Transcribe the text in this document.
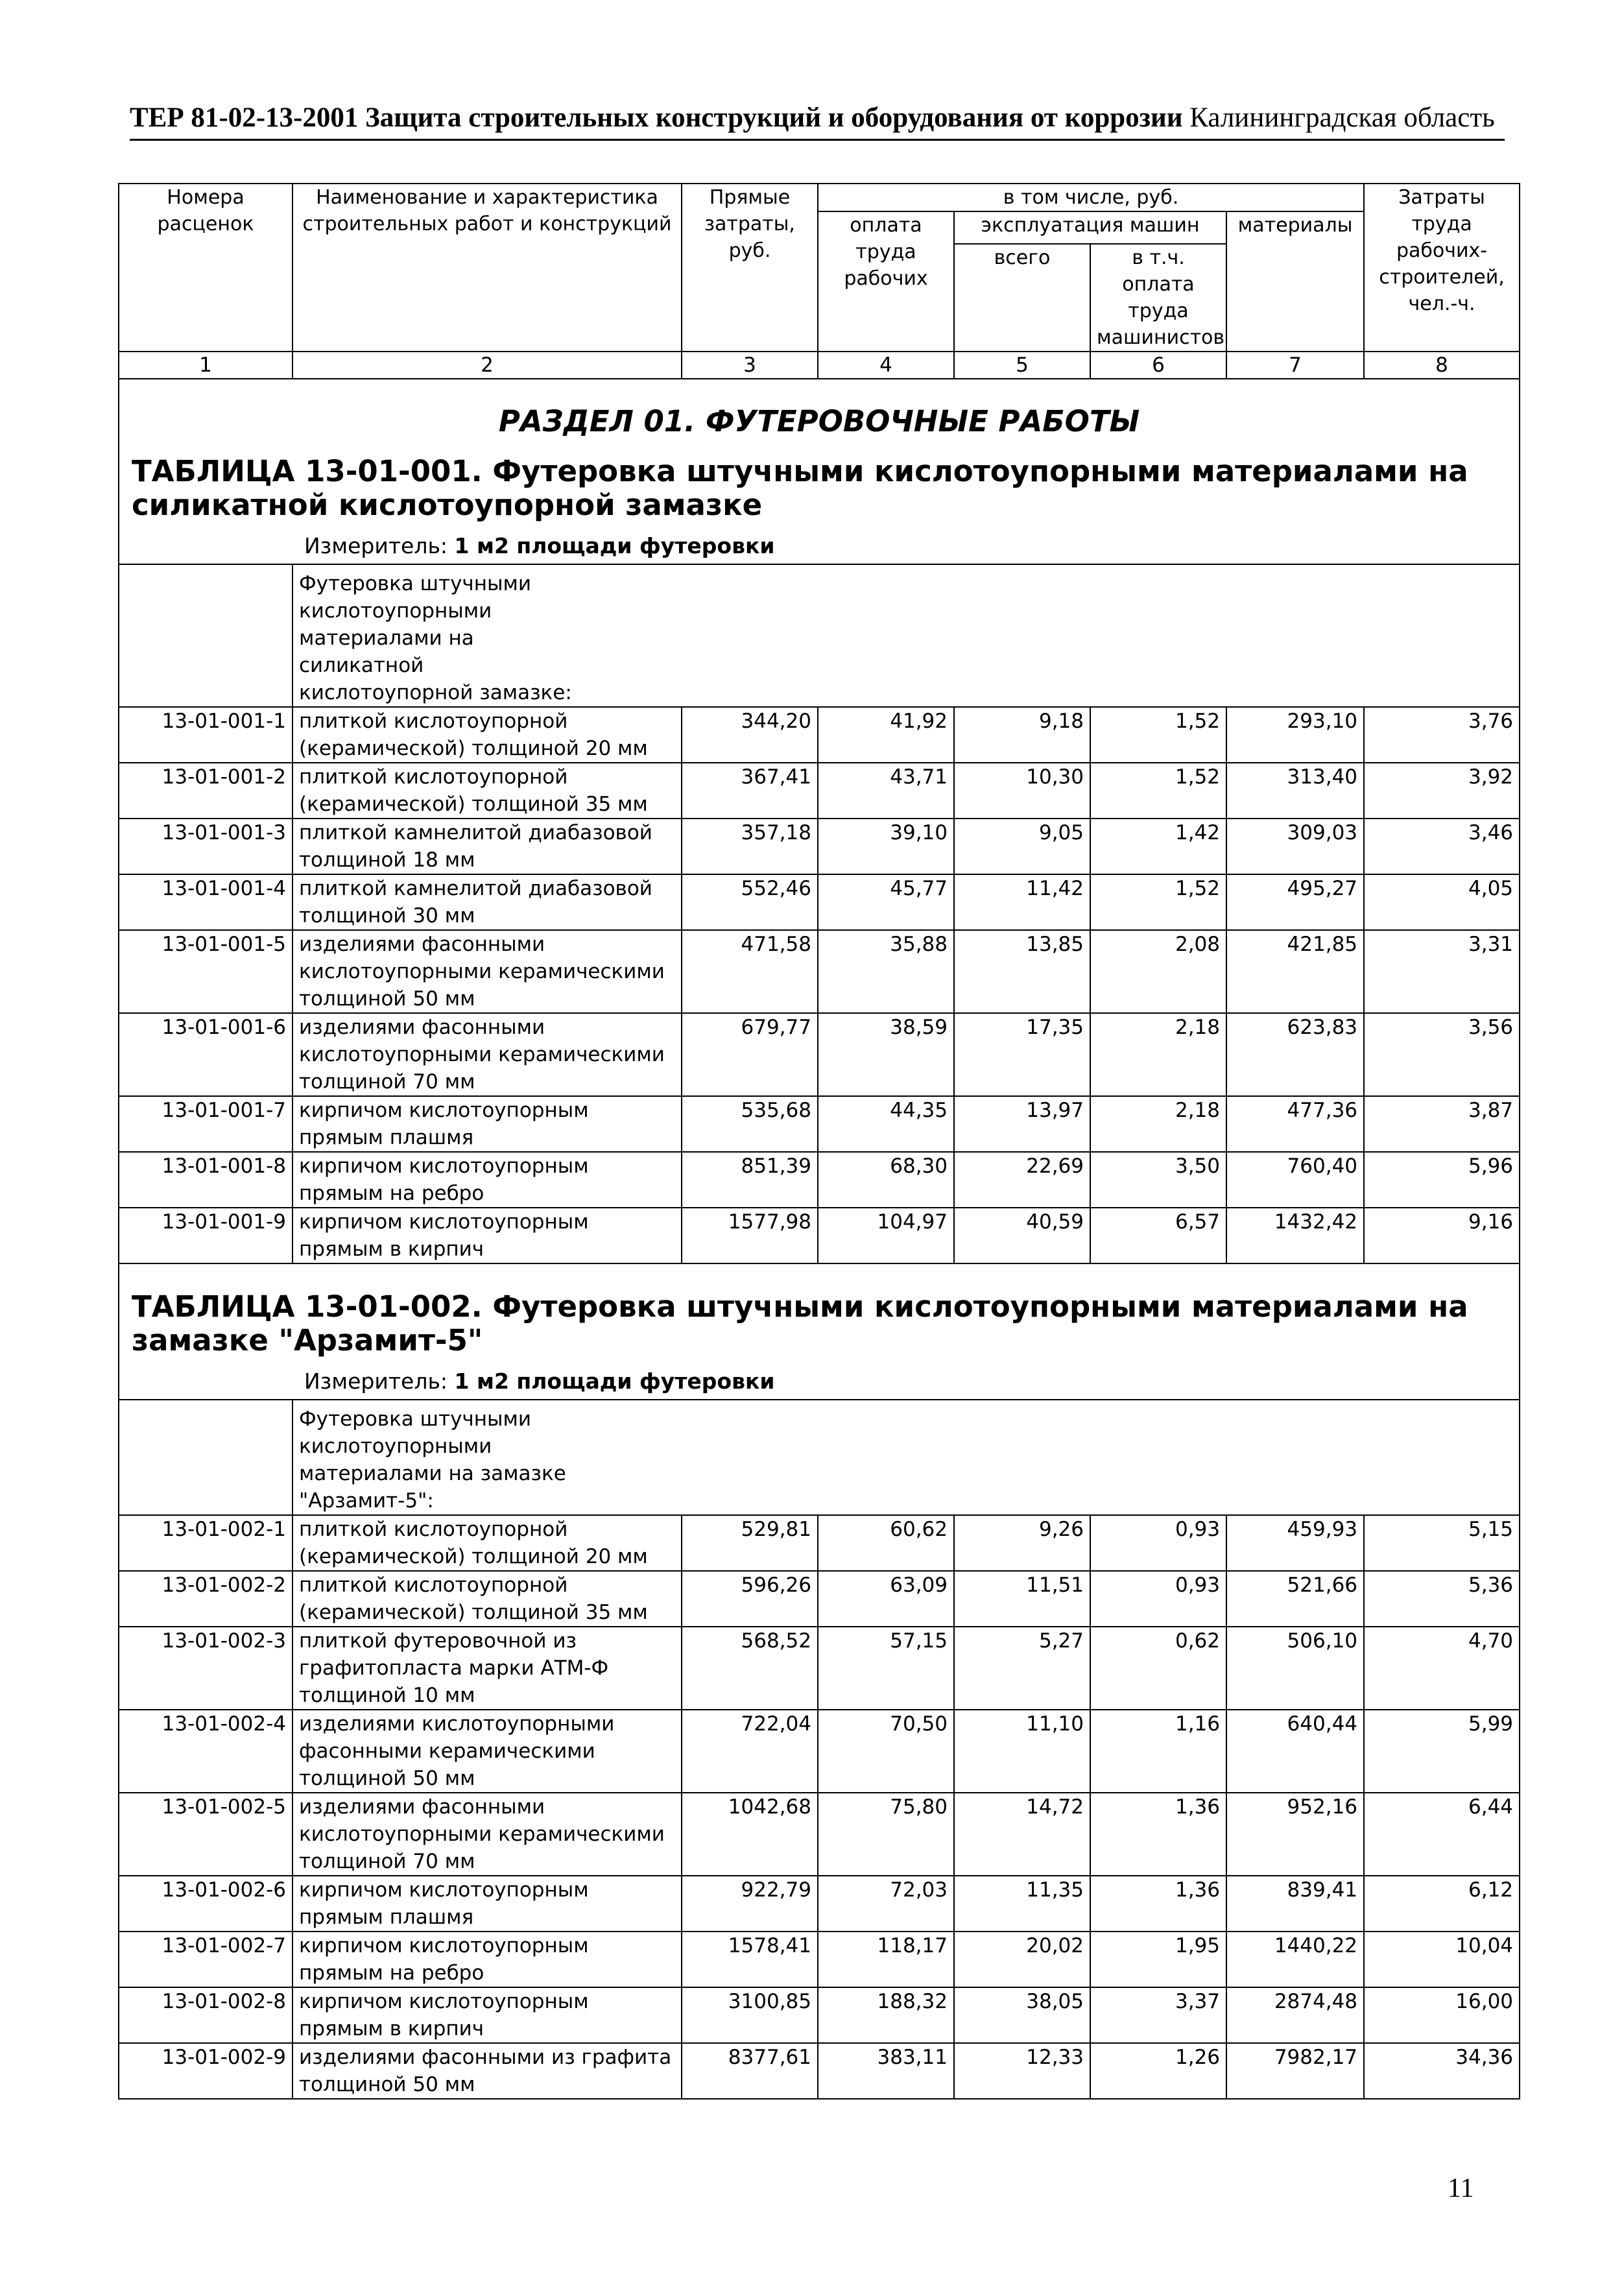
ТЕР 81-02-13-2001 Защита строительных конструкций и оборудования от коррозии Калининградская область
Номера расценок	Наименование и характеристика строительных работ и конструкций	Прямые затраты, руб.	в том числе, руб.				Затраты труда рабочих-строителей, чел.-ч.
			оплата труда рабочих	эксплуатация машин		материалы	
				всего	в т.ч. оплата труда машинистов		
1	2	3	4	5	6	7	8

РАЗДЕЛ 01. ФУТЕРОВОЧНЫЕ РАБОТЫ
ТАБЛИЦА 13-01-001. Футеровка штучными кислотоупорными материалами на силикатной кислотоупорной замазке
Измеритель: 1 м2 площади футеровки							

	Футеровка штучными кислотоупорными материалами на силикатной кислотоупорной замазке:						
13-01-001-1	плиткой кислотоупорной (керамической) толщиной 20 мм	344,20	41,92	9,18	1,52	293,10	3,76
13-01-001-2	плиткой кислотоупорной (керамической) толщиной 35 мм	367,41	43,71	10,30	1,52	313,40	3,92
13-01-001-3	плиткой камнелитой диабазовой толщиной 18 мм	357,18	39,10	9,05	1,42	309,03	3,46
13-01-001-4	плиткой камнелитой диабазовой толщиной 30 мм	552,46	45,77	11,42	1,52	495,27	4,05
13-01-001-5	изделиями фасонными кислотоупорными керамическими толщиной 50 мм	471,58	35,88	13,85	2,08	421,85	3,31
13-01-001-6	изделиями фасонными кислотоупорными керамическими толщиной 70 мм	679,77	38,59	17,35	2,18	623,83	3,56
13-01-001-7	кирпичом кислотоупорным прямым плашмя	535,68	44,35	13,97	2,18	477,36	3,87
13-01-001-8	кирпичом кислотоупорным прямым на ребро	851,39	68,30	22,69	3,50	760,40	5,96
13-01-001-9	кирпичом кислотоупорным прямым в кирпич	1577,98	104,97	40,59	6,57	1432,42	9,16

ТАБЛИЦА 13-01-002. Футеровка штучными кислотоупорными материалами на замазке "Арзамит-5"
Измеритель: 1 м2 площади футеровки							

	Футеровка штучными кислотоупорными материалами на замазке "Арзамит-5":						
13-01-002-1	плиткой кислотоупорной (керамической) толщиной 20 мм	529,81	60,62	9,26	0,93	459,93	5,15
13-01-002-2	плиткой кислотоупорной (керамической) толщиной 35 мм	596,26	63,09	11,51	0,93	521,66	5,36
13-01-002-3	плиткой футеровочной из графитопласта марки АТМ-Ф толщиной 10 мм	568,52	57,15	5,27	0,62	506,10	4,70
13-01-002-4	изделиями кислотоупорными фасонными керамическими толщиной 50 мм	722,04	70,50	11,10	1,16	640,44	5,99
13-01-002-5	изделиями фасонными кислотоупорными керамическими толщиной 70 мм	1042,68	75,80	14,72	1,36	952,16	6,44
13-01-002-6	кирпичом кислотоупорным прямым плашмя	922,79	72,03	11,35	1,36	839,41	6,12
13-01-002-7	кирпичом кислотоупорным прямым на ребро	1578,41	118,17	20,02	1,95	1440,22	10,04
13-01-002-8	кирпичом кислотоупорным прямым в кирпич	3100,85	188,32	38,05	3,37	2874,48	16,00
13-01-002-9	изделиями фасонными из графита толщиной 50 мм	8377,61	383,11	12,33	1,26	7982,17	34,36
11
